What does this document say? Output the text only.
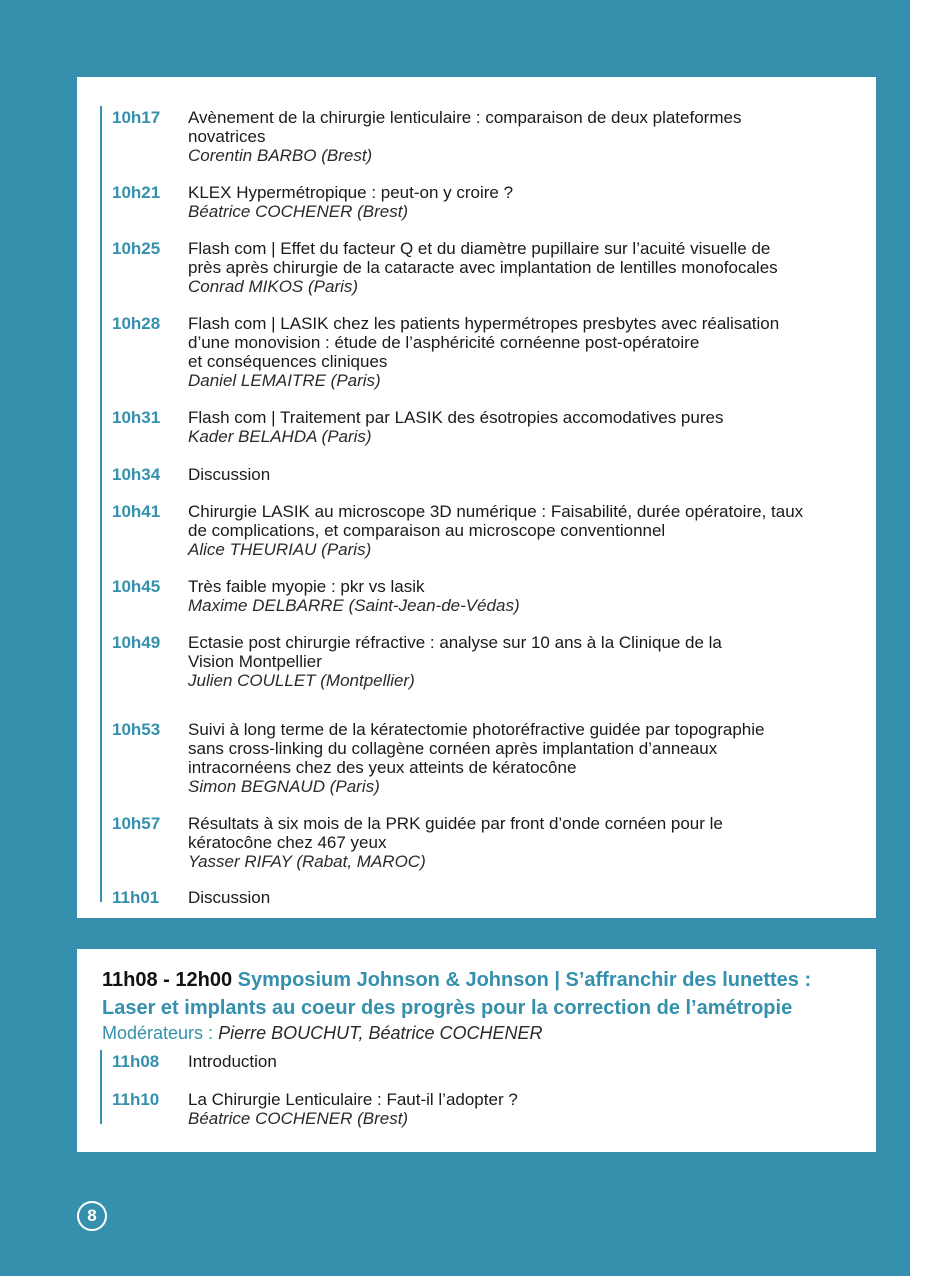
10h17 Avènement de la chirurgie lenticulaire : comparaison de deux plateformes
novatrices
Corentin BARBO (Brest)
10h21 KLEX Hypermétropique : peut-on y croire ?
Béatrice COCHENER (Brest)
10h25 Flash com | Effet du facteur Q et du diamètre pupillaire sur l’acuité visuelle de
près après chirurgie de la cataracte avec implantation de lentilles monofocales
Conrad MIKOS (Paris)
10h28 Flash com | LASIK chez les patients hypermétropes presbytes avec réalisation
d’une monovision : étude de l’asphéricité cornéenne post-opératoire
et conséquences cliniques
Daniel LEMAITRE (Paris)
10h31 Flash com | Traitement par LASIK des ésotropies accomodatives pures
Kader BELAHDA (Paris)
10h34 Discussion
10h41 Chirurgie LASIK au microscope 3D numérique : Faisabilité, durée opératoire, taux
de complications, et comparaison au microscope conventionnel
Alice THEURIAU (Paris)
10h45 Très faible myopie : pkr vs lasik
Maxime DELBARRE (Saint-Jean-de-Védas)
10h49 Ectasie post chirurgie réfractive : analyse sur 10 ans à la Clinique de la
Vision Montpellier
Julien COULLET (Montpellier)
10h53 Suivi à long terme de la kératectomie photoréfractive guidée par topographie
sans cross-linking du collagène cornéen après implantation d’anneaux
intracornéens chez des yeux atteints de kératocône
Simon BEGNAUD (Paris)
10h57 Résultats à six mois de la PRK guidée par front d’onde cornéen pour le
kératocône chez 467 yeux
Yasser RIFAY (Rabat, MAROC)
11h01 Discussion
11h08 - 12h00 Symposium Johnson & Johnson | S’affranchir des lunettes :
Laser et implants au coeur des progrès pour la correction de l’amétropie
Modérateurs : Pierre BOUCHUT, Béatrice COCHENER
11h08 Introduction
11h10 La Chirurgie Lenticulaire : Faut-il l’adopter ?
Béatrice COCHENER (Brest)
8
